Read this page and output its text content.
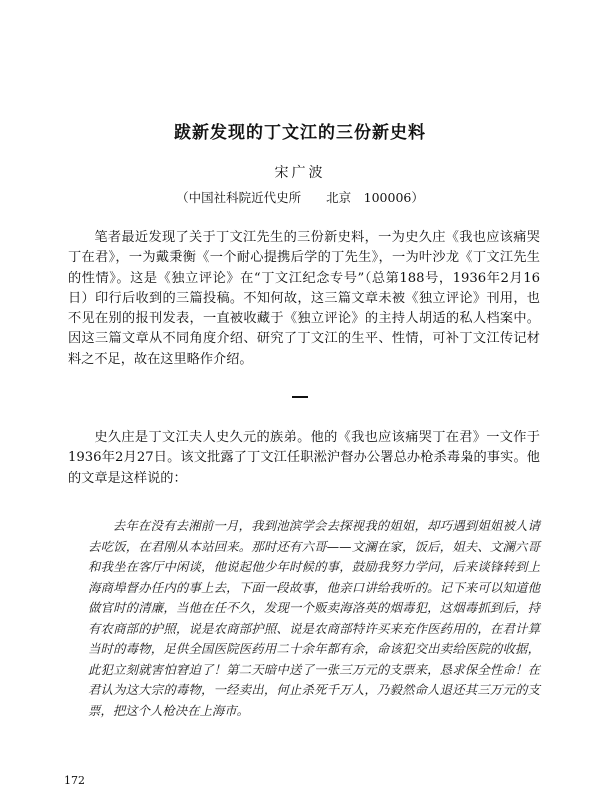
跋新发现的丁文江的三份新史料
宋广波
（中国社科院近代史所　　北京　100006）

笔者最近发现了关于丁文江先生的三份新史料，一为史久庄《我也应该痛哭丁在君》，一为戴秉衡《一个耐心提携后学的丁先生》，一为叶沙龙《丁文江先生的性情》。这是《独立评论》在“丁文江纪念专号”（总第188号，1936年2月16日）印行后收到的三篇投稿。不知何故，这三篇文章未被《独立评论》刊用，也不见在别的报刊发表，一直被收藏于《独立评论》的主持人胡适的私人档案中。因这三篇文章从不同角度介绍、研究了丁文江的生平、性情，可补丁文江传记材料之不足，故在这里略作介绍。

史久庄是丁文江夫人史久元的族弟。他的《我也应该痛哭丁在君》一文作于1936年2月27日。该文批露了丁文江任职淞沪督办公署总办枪杀毒枭的事实。他的文章是这样说的：

去年在没有去湘前一月，我到池滨学会去探视我的姐姐，却巧遇到姐姐被人请去吃饭，在君刚从本站回来。那时还有六哥——文澜在家，饭后，姐夫、文澜六哥和我坐在客厅中闲谈，他说起他少年时候的事，鼓励我努力学问，后来谈锋转到上海商埠督办任内的事上去，下面一段故事，他亲口讲给我听的。记下来可以知道他做官时的清廉，当他在任不久，发现一个贩卖海洛英的烟毒犯，这烟毒抓到后，持有农商部的护照，说是农商部护照、说是农商部特许买来充作医药用的，在君计算当时的毒物，足供全国医院医药用二十余年都有余，命该犯交出卖给医院的收据，此犯立刻就害怕窘迫了！第二天暗中送了一张三万元的支票来，恳求保全性命！在君认为这大宗的毒物，一经卖出，何止杀死千万人，乃毅然命人退还其三万元的支票，把这个人枪决在上海市。

172
